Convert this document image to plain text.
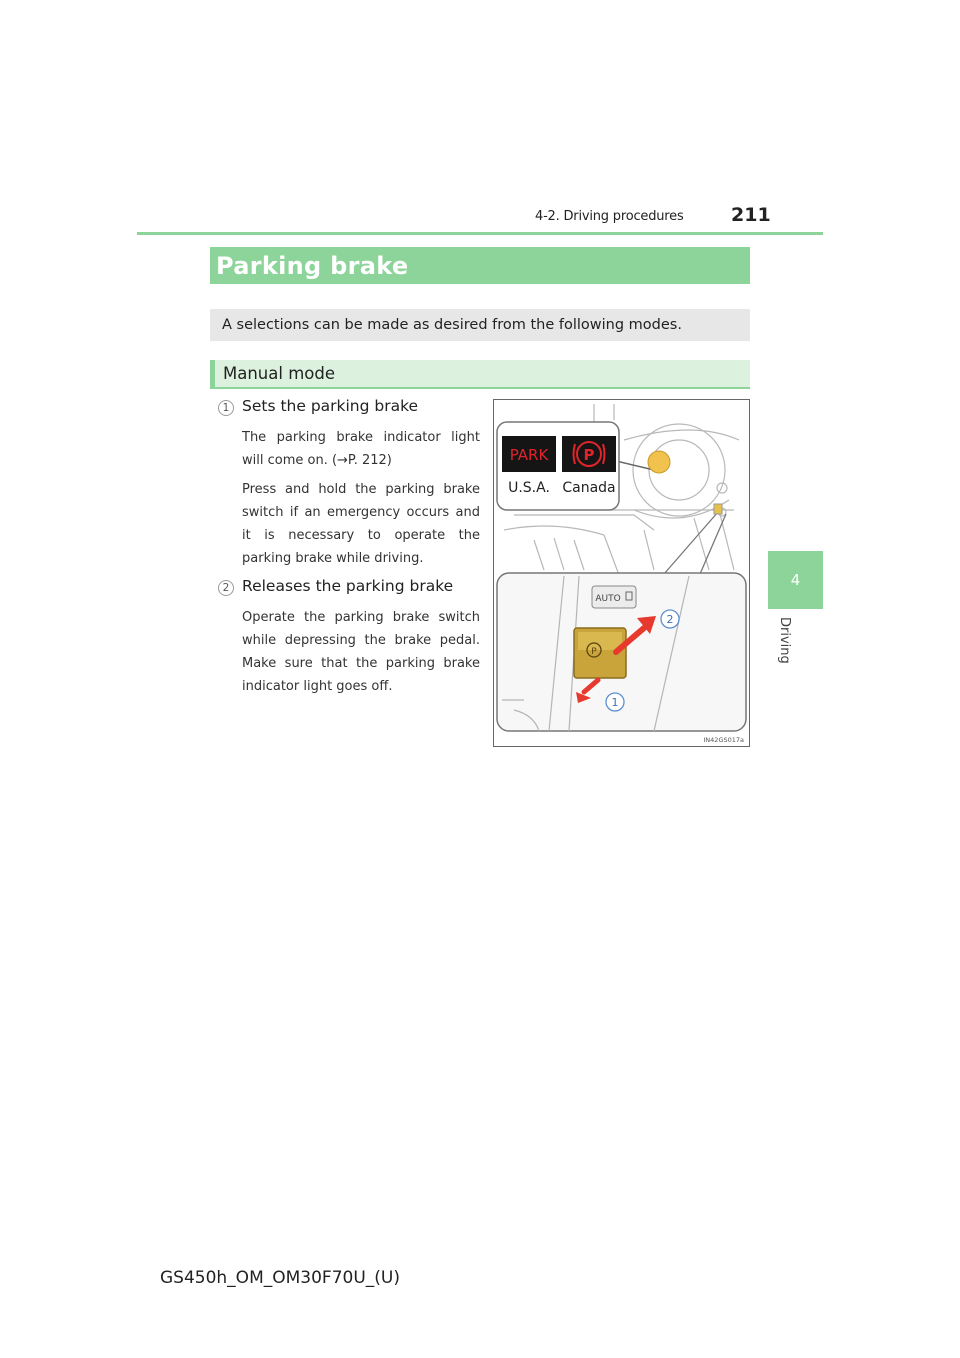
4-2. Driving procedures 211
4
Driving
Parking brake
A selections can be made as desired from the following modes.
Manual mode
1 Sets the parking brake

The parking brake indicator light will come on. (→P. 212)

Press and hold the parking brake switch if an emergency occurs and it is necessary to operate the parking brake while driving.

2 Releases the parking brake

Operate the parking brake switch while depressing the brake pedal. Make sure that the parking brake indicator light goes off.

PARK P
U.S.A. Canada
AUTO
P
2
1
IN42GS017a
GS450h_OM_OM30F70U_(U)
